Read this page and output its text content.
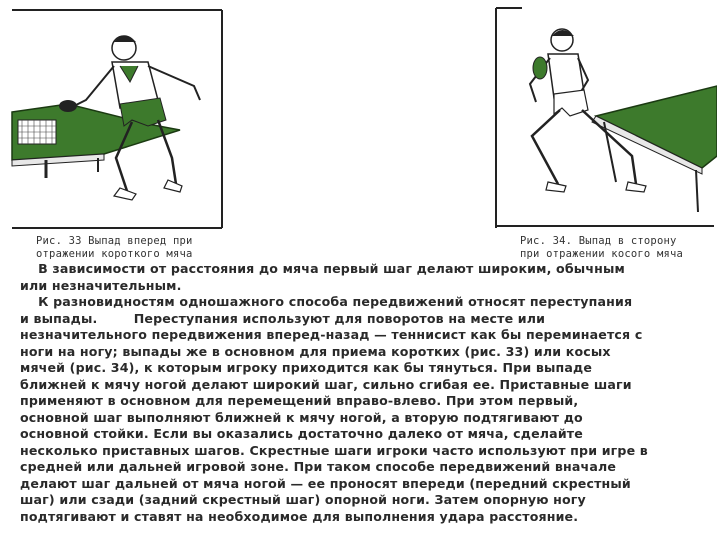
Рис. 33 Выпад вперед при
отражении короткого мяча
Рис. 34. Выпад в сторону
при отражении косого мяча
В зависимости от расстояния до мяча первый шаг делают широким, обычным
или незначительным.
К разновидностям одношажного способа передвижений относят переступания
и выпады.        Переступания используют для поворотов на месте или
незначительного передвижения вперед-назад — теннисист как бы переминается с
ноги на ногу; выпады же в основном для приема коротких (рис. 33) или косых
мячей (рис. 34), к которым игроку приходится как бы тянуться. При выпаде
ближней к мячу ногой делают широкий шаг, сильно сгибая ее. Приставные шаги
применяют в основном для перемещений вправо-влево. При этом первый,
основной шаг выполняют ближней к мячу ногой, а вторую подтягивают до
основной стойки. Если вы оказались достаточно далеко от мяча, сделайте
несколько приставных шагов. Скрестные шаги игроки часто используют при игре в
средней или дальней игровой зоне. При таком способе передвижений вначале
делают шаг дальней от мяча ногой — ее проносят впереди (передний скрестный
шаг) или сзади (задний скрестный шаг) опорной ноги. Затем опорную ногу
подтягивают и ставят на необходимое для выполнения удара расстояние.
